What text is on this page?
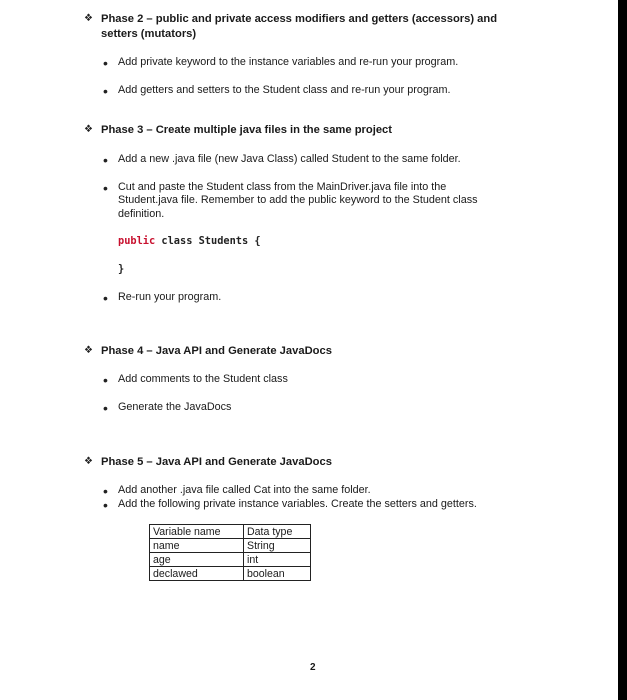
❖ Phase 2 – public and private access modifiers and getters (accessors) and
setters (mutators)
• Add private keyword to the instance variables and re-run your program.
• Add getters and setters to the Student class and re-run your program.
❖ Phase 3 – Create multiple java files in the same project
• Add a new .java file (new Java Class) called Student to the same folder.
• Cut and paste the Student class from the MainDriver.java file into the
Student.java file. Remember to add the public keyword to the Student class
definition.
public class Students {
}
• Re-run your program.
❖ Phase 4 – Java API and Generate JavaDocs
• Add comments to the Student class
• Generate the JavaDocs
❖ Phase 5 – Java API and Generate JavaDocs
• Add another .java file called Cat into the same folder.
• Add the following private instance variables. Create the setters and getters.
Variable name	Data type
name	String
age	int
declawed	boolean
2
